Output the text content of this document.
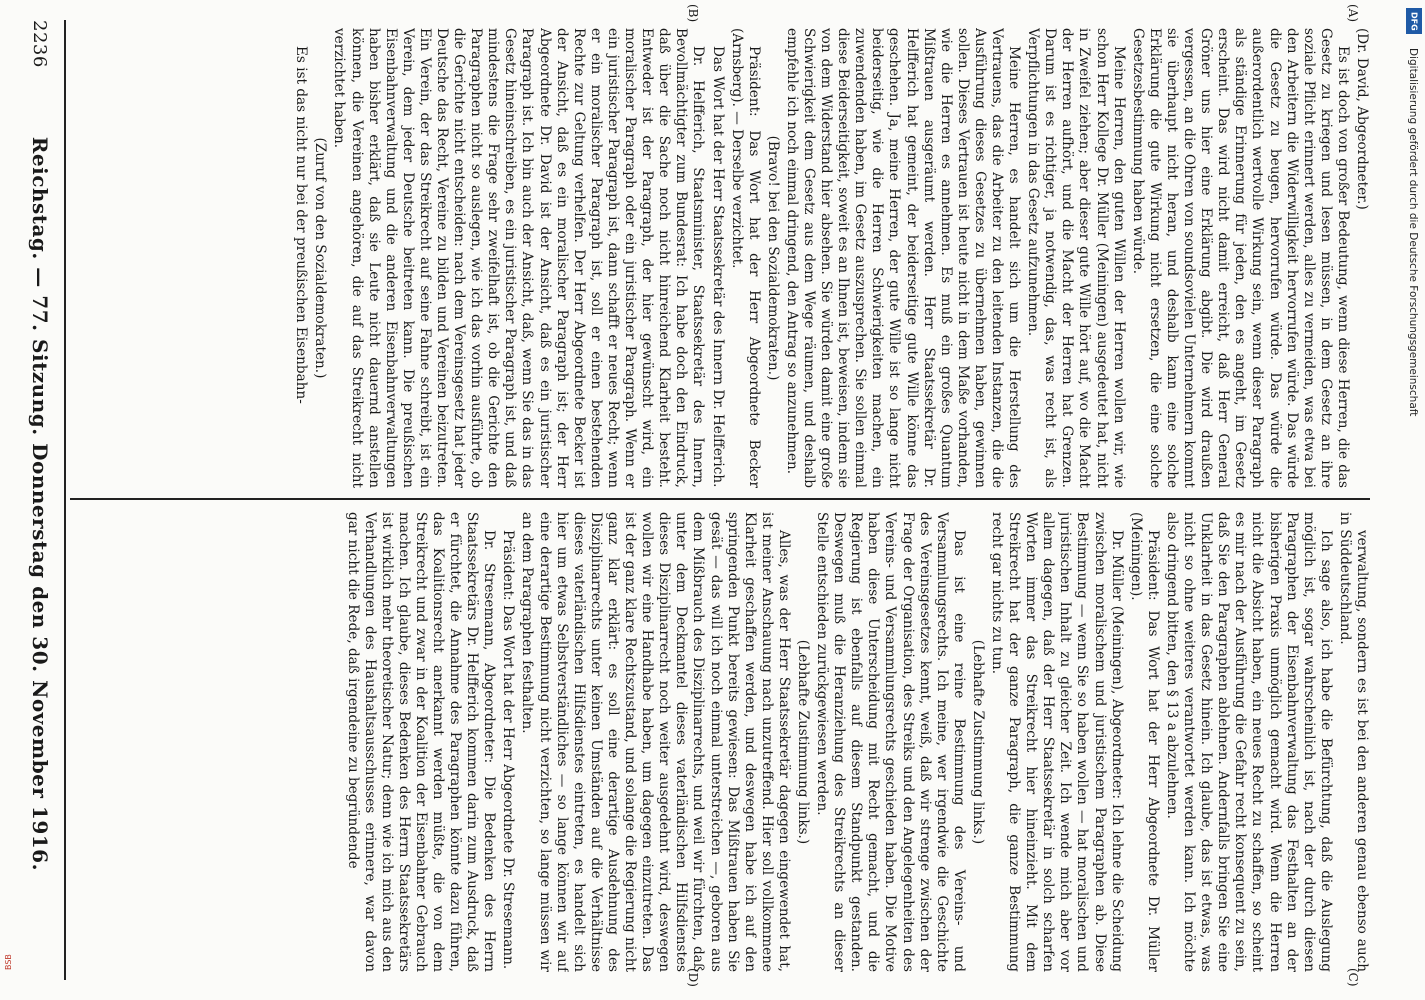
(Dr. David, Abgeordneter.)

Es ist doch von großer Bedeutung, wenn diese Herren, die das Gesetz zu kriegen und lesen müssen, in dem Gesetz an ihre soziale Pflicht erinnert werden, alles zu vermeiden, was etwa bei den Arbeitern die Widerwilligkeit hervorrufen würde. Das würde die Gesetz zu beugen, hervorrufen würde. Das würde die außerordentlich wertvolle Wirkung sein, wenn dieser Paragraph als ständige Erinnerung für jeden, den es angeht, im Gesetz erscheint. Das wird nicht damit erreicht, daß Herr General Gröner uns hier eine Erklärung abgibt. Die wird draußen vergessen, an die Ohren von soundsovielen Unternehmern kommt sie überhaupt nicht heran, und deshalb kann eine solche Erklärung die gute Wirkung nicht ersetzen, die eine solche Gesetzesbestimmung haben würde.

Meine Herren, den guten Willen der Herren wollen wir, wie schon Herr Kollege Dr. Müller (Meiningen) ausgedeutet hat, nicht in Zweifel ziehen; aber dieser gute Wille hört auf, wo die Macht der Herren aufhört, und die Macht der Herren hat Grenzen. Darum ist es richtiger, ja notwendig, das, was recht ist, als Verpflichtungen in das Gesetz aufzunehmen.

Meine Herren, es handelt sich um die Herstellung des Vertrauens, das die Arbeiter zu den leitenden Instanzen, die die Ausführung dieses Gesetzes zu übernehmen haben, gewinnen sollen. Dieses Vertrauen ist heute nicht in dem Maße vorhanden, wie die Herren es annehmen. Es muß ein großes Quantum Mißtrauen ausgeräumt werden. Herr Staatssekretär Dr. Helfferich hat gemeint, der beiderseitige gute Wille könne das geschehen. Ja, meine Herren, der gute Wille ist so lange nicht beiderseitig, wie die Herren Schwierigkeiten machen, ein zuwendenden haben, im Gesetz auszusprechen. Sie sollen einmal diese Beiderseitigkeit, soweit es an Ihnen ist, beweisen, indem sie von dem Widerstand hier absehen. Sie würden damit eine große Schwierigkeit dem Gesetz aus dem Wege räumen, und deshalb empfehle ich noch einmal dringend, den Antrag so anzunehmen.

(Bravo! bei den Sozialdemokraten.)

Präsident: Das Wort hat der Herr Abgeordnete Becker (Arnsberg). — Derselbe verzichtet.

Das Wort hat der Herr Staatssekretär des Innern Dr. Helfferich.

Dr. Helfferich, Staatsminister, Staatssekretär des Innern, Bevollmächtigter zum Bundesrat: Ich habe doch den Eindruck, daß über die Sache noch nicht hinreichend Klarheit besteht. Entweder ist der Paragraph, der hier gewünscht wird, ein moralischer Paragraph oder ein juristischer Paragraph. Wenn er ein juristischer Paragraph ist, dann schafft er neues Recht; wenn er ein moralischer Paragraph ist, soll er einen bestehenden Rechte zur Geltung verhelfen. Der Herr Abgeordnete Becker ist der Ansicht, daß es ein moralischer Paragraph ist; der Herr Abgeordnete Dr. David ist der Ansicht, daß es ein juristischer Paragraph ist. Ich bin auch der Ansicht, daß, wenn Sie das in das Gesetz hineinschreiben, es ein juristischer Paragraph ist, und daß mindestens die Frage sehr zweifelhaft ist, ob die Gerichte den Paragraphen nicht so auslegen, wie ich das vorhin ausführte, ob die Gerichte nicht entscheiden: nach dem Vereinsgesetz hat jeder Deutsche das Recht, Vereine zu bilden und Vereinen beizutreten. Ein Verein, der das Streikrecht auf seine Fahne schreibt, ist ein Verein, dem jeder Deutsche beitreten kann. Die preußischen Eisenbahnverwaltung und die anderen Eisenbahnverwaltungen haben bisher erklärt, daß sie Leute nicht dauernd anstellen können, die Vereinen angehören, die auf das Streikrecht nicht verzichtet haben.

(Zuruf von den Sozialdemokraten.)

Es ist das nicht nur bei der preußischen Eisenbahn-

verwaltung, sondern es ist bei den anderen genau ebenso auch in Süddeutschland.

Ich sage also, ich habe die Befürchtung, daß die Auslegung möglich ist, sogar wahrscheinlich ist, nach der durch diesen Paragraphen der Eisenbahnverwaltung das Festhalten an der bisherigen Praxis unmöglich gemacht wird. Wenn die Herren nicht die Absicht haben, ein neues Recht zu schaffen, so scheint es mir nach der Ausführung die Gefahr recht konsequent zu sein, daß Sie den Paragraphen ablehnen. Andernfalls bringen Sie eine Unklarheit in das Gesetz hinein. Ich glaube, das ist etwas, was nicht so ohne weiteres verantwortet werden kann. Ich möchte also dringend bitten, den § 13 a abzulehnen.

Präsident: Das Wort hat der Herr Abgeordnete Dr. Müller (Meiningen).

Dr. Müller (Meiningen), Abgeordneter: Ich lehne die Scheidung zwischen moralischem und juristischem Paragraphen ab. Diese Bestimmung — wenn Sie so haben wollen — hat moralischen und juristischen Inhalt zu gleicher Zeit. Ich wende mich aber vor allem dagegen, daß der Herr Staatssekretär in solch scharfen Worten immer das Streikrecht hier hineinzieht. Mit dem Streikrecht hat der ganze Paragraph, die ganze Bestimmung recht gar nichts zu tun.

(Lebhafte Zustimmung links.)

Das ist eine reine Bestimmung des Vereins- und Versammlungsrechts. Ich meine, wer irgendwie die Geschichte des Vereinsgesetzes kennt, weiß, daß wir strenge zwischen der Frage der Organisation, des Streiks und den Angelegenheiten des Vereins- und Versammlungsrechts geschieden haben. Die Motive haben diese Unterscheidung mit Recht gemacht, und die Regierung ist ebenfalls auf diesem Standpunkt gestanden. Deswegen muß die Heranziehung des Streikrechts an dieser Stelle entschieden zurückgewiesen werden.

(Lebhafte Zustimmung links.)

Alles, was der Herr Staatssekretär dagegen eingewendet hat, ist meiner Anschauung nach unzutreffend. Hier soll vollkommene Klarheit geschaffen werden, und deswegen habe ich auf den springenden Punkt bereits gewiesen: Das Mißtrauen haben Sie gesät — das will ich noch einmal unterstreichen —, geboren aus dem Mißbrauch des Disziplinarrechts, und weil wir fürchten, daß unter dem Deckmantel dieses vaterländischen Hilfsdienstes dieses Disziplinarrecht noch weiter ausgedehnt wird, deswegen wollen wir eine Handhabe haben, um dagegen einzutreten. Das ist der ganz klare Rechtszustand, und solange die Regierung nicht ganz klar erklärt: es soll eine derartige Ausdehnung des Disziplinarrechts unter keinen Umständen auf die Verhältnisse dieses vaterländischen Hilfsdienstes eintreten, es handelt sich hier um etwas Selbstverständliches — so lange können wir auf eine derartige Bestimmung nicht verzichten, so lange müssen wir an dem Paragraphen festhalten.

Präsident: Das Wort hat der Herr Abgeordnete Dr. Stresemann.

Dr. Stresemann, Abgeordneter: Die Bedenken des Herrn Staatssekretärs Dr. Helfferich kommen darin zum Ausdruck, daß er fürchtet, die Annahme des Paragraphen könnte dazu führen, das Koalitionsrecht anerkannt werden müßte, die von dem Streikrecht und zwar in der Koalition der Eisenbahner Gebrauch machen. Ich glaube, dieses Bedenken des Herrn Staatssekretärs ist wirklich mehr theoretischer Natur; denn wie ich mich aus den Verhandlungen des Haushaltsausschusses erinnere, war davon gar nicht die Rede, daß irgendeine zu begründende

(A)
(B)
(C)
(D)
2236
Reichstag. — 77. Sitzung. Donnerstag den 30. November 1916.	Digitalisierung gefördert durch die Deutsche Forschungsgemeinschaft
DFG
BSB
